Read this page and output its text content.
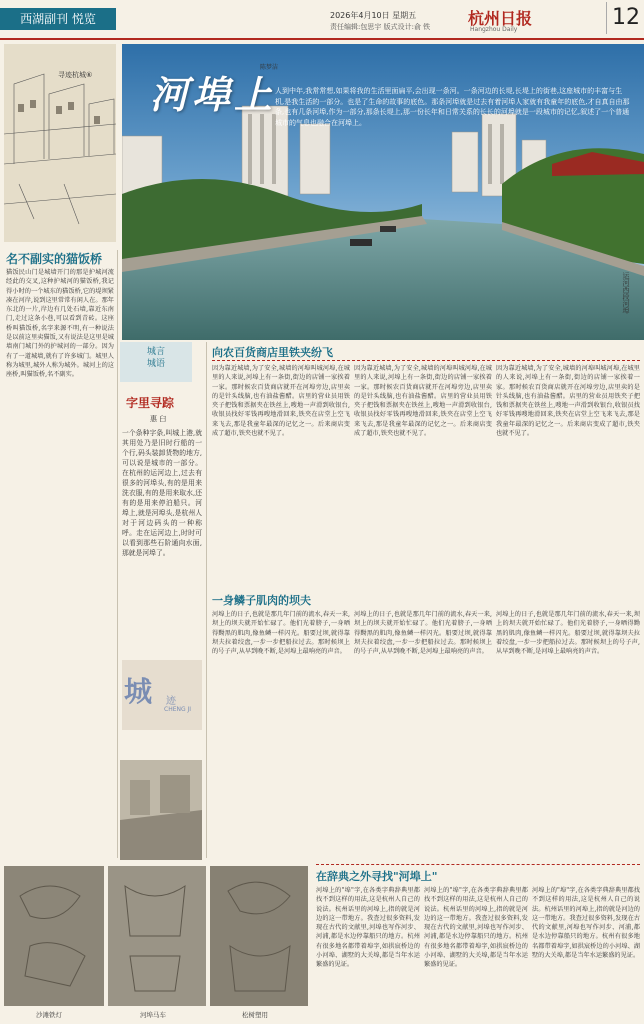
西湖副刊 悦览	2026年4月10日 星期五
责任编辑:包思宇 版式设计:俞 铁 杭州日报
Hangzhou Daily	12
寻迹杭城⑥ 河埠上
陈梦洁
人到中年,我常常想,如果将我的生活里面扁平,会出现一条河。一条河边的长堤,长堤上的街巷,这座城市的丰富与生机,是我生活的一部分。也是了生命的故事的底色。那条河埠就是过去有着河埠人家就有我童年的底色,才自真自由那条,也有几条河埠,作为一部分,那条长堤上,那一份长年和日常关系的长长的河埠就是一段城市的记忆,叙述了一个普通城市的气息也融合在河埠上。
运河西段河埠
名不副实的猫饭桥
猫饭民山门是城墙开门的那是护城河流经此的交叉,这种护城河的猫饭桥,我记得小时的一个城东的猫饭桥,它的堤坝紧凑在河岸,说到这里常常有闲人在。那年东北的一片,岸边有几处石墙,靠近东南门,走过这条小巷,可以看到青砖。这座桥叫猫饭桥,名字来源不明,有一种说法是以前这里卖猫饭,又有说法是这里是城墙南门城门外的护城河的一部分。因为有了一道城墙,就有了许多城门。城里人称为城里,城外人称为城外。城河上的这座桥,叫猫饭桥,名不副实。
城言
城语
字里寻踪
惠 臼
一个条种字条,叫城上港,就其用处乃是旧时行船的一个行,码头装卸货物的地方,可以说是城市的一部分。在杭州的运河边上,过去有很多的河埠头,有的是用来洗衣服,有的是用来取水,还有的是用来停泊船只。河埠上,就是河埠头,是杭州人对于河边码头的一种称呼。走在运河边上,时时可以看到那些石阶通向水面,那就是河埠了。
城 迹
CHENG JI
向农百货商店里铁夹纷飞
因为靠近城墙,为了安全,城墙的河埠叫城河埠,在城里的人来说,河埠上有一条街,街边的店铺一家挨着一家。那时候农百货商店就开在河埠旁边,店里卖的是针头线脑,也有油盐酱醋。店里的营业员用铁夹子把钱和票据夹在铁丝上,嗖地一声滑到收银台,收银员找好零钱再嗖地滑回来,铁夹在店堂上空飞来飞去,那是我童年最深的记忆之一。后来商店变成了超市,铁夹也就不见了。
因为靠近城墙,为了安全,城墙的河埠叫城河埠,在城里的人来说,河埠上有一条街,街边的店铺一家挨着一家。那时候农百货商店就开在河埠旁边,店里卖的是针头线脑,也有油盐酱醋。店里的营业员用铁夹子把钱和票据夹在铁丝上,嗖地一声滑到收银台,收银员找好零钱再嗖地滑回来,铁夹在店堂上空飞来飞去,那是我童年最深的记忆之一。后来商店变成了超市,铁夹也就不见了。
因为靠近城墙,为了安全,城墙的河埠叫城河埠,在城里的人来说,河埠上有一条街,街边的店铺一家挨着一家。那时候农百货商店就开在河埠旁边,店里卖的是针头线脑,也有油盐酱醋。店里的营业员用铁夹子把钱和票据夹在铁丝上,嗖地一声滑到收银台,收银员找好零钱再嗖地滑回来,铁夹在店堂上空飞来飞去,那是我童年最深的记忆之一。后来商店变成了超市,铁夹也就不见了。
一身鳞子肌肉的坝夫
河埠上的日子,也就是那几年门前的流水,春天一来,坝上的坝夫就开始忙碌了。他们光着膀子,一身晒得黝黑的肌肉,像鱼鳞一样闪光。船要过坝,就得靠坝夫拉着绞盘,一步一步把船拉过去。那时候坝上的号子声,从早到晚不断,是河埠上最响亮的声音。
河埠上的日子,也就是那几年门前的流水,春天一来,坝上的坝夫就开始忙碌了。他们光着膀子,一身晒得黝黑的肌肉,像鱼鳞一样闪光。船要过坝,就得靠坝夫拉着绞盘,一步一步把船拉过去。那时候坝上的号子声,从早到晚不断,是河埠上最响亮的声音。
河埠上的日子,也就是那几年门前的流水,春天一来,坝上的坝夫就开始忙碌了。他们光着膀子,一身晒得黝黑的肌肉,像鱼鳞一样闪光。船要过坝,就得靠坝夫拉着绞盘,一步一步把船拉过去。那时候坝上的号子声,从早到晚不断,是河埠上最响亮的声音。
在辞典之外寻找"河埠上"
河埠上的"埠"字,在各类字典辞典里都找不到这样的用法,这是杭州人自己的说法。杭州话里的河埠上,指的就是河边的这一带地方。我查过很多资料,发现在古代的文献里,河埠也写作河步、河浦,都是水边停靠船只的地方。杭州有很多地名都带着埠字,如拱宸桥边的小河埠、湖墅的大关埠,都是当年水运繁盛的见证。
河埠上的"埠"字,在各类字典辞典里都找不到这样的用法,这是杭州人自己的说法。杭州话里的河埠上,指的就是河边的这一带地方。我查过很多资料,发现在古代的文献里,河埠也写作河步、河浦,都是水边停靠船只的地方。杭州有很多地名都带着埠字,如拱宸桥边的小河埠、湖墅的大关埠,都是当年水运繁盛的见证。
河埠上的"埠"字,在各类字典辞典里都找不到这样的用法,这是杭州人自己的说法。杭州话里的河埠上,指的就是河边的这一带地方。我查过很多资料,发现在古代的文献里,河埠也写作河步、河浦,都是水边停靠船只的地方。杭州有很多地名都带着埠字,如拱宸桥边的小河埠、湖墅的大关埠,都是当年水运繁盛的见证。
沙滩铁灯	河埠马车	松树塑用
